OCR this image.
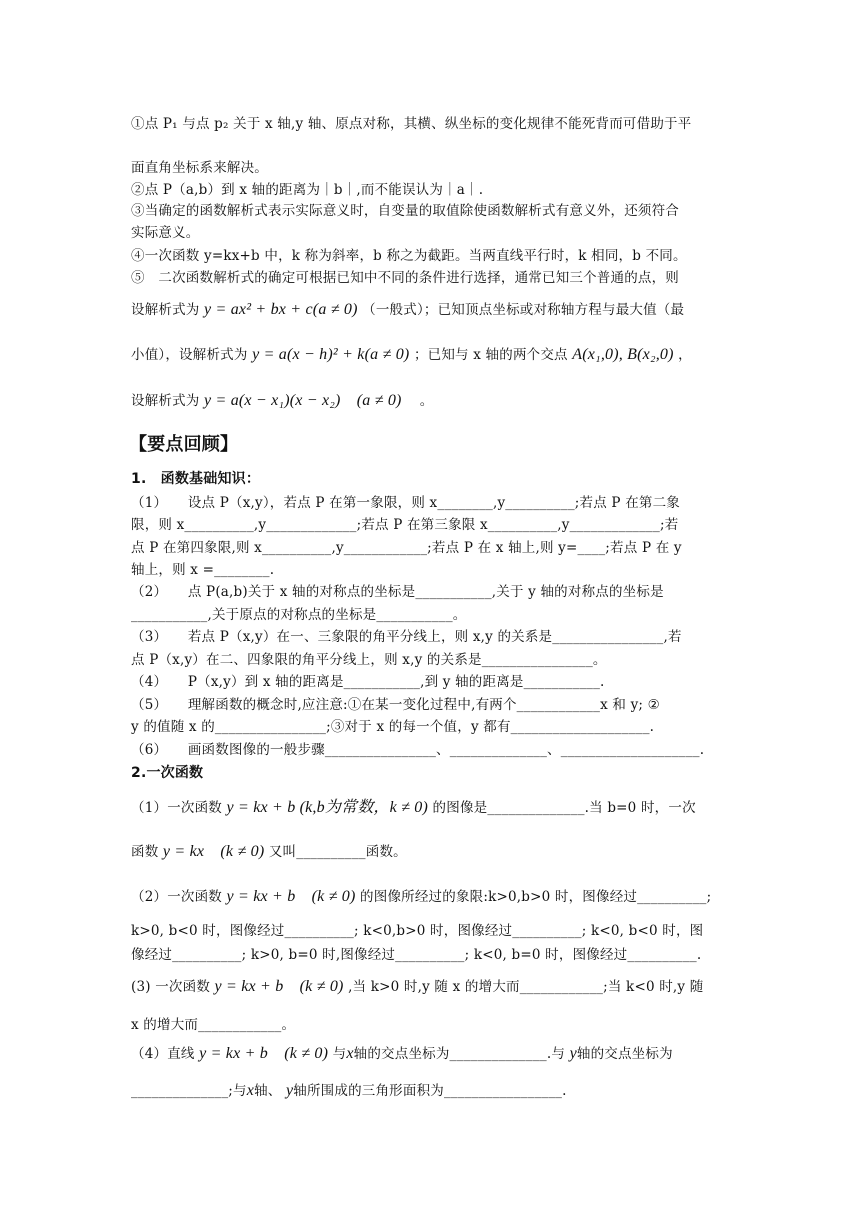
①点 P₁ 与点 p₂ 关于 x 轴,y 轴、原点对称，其横、纵坐标的变化规律不能死背而可借助于平
面直角坐标系来解决。
②点 P（a,b）到 x 轴的距离为｜b｜,而不能误认为｜a｜.
③当确定的函数解析式表示实际意义时，自变量的取值除使函数解析式有意义外，还须符合
实际意义。
④一次函数 y=kx+b 中，k 称为斜率，b 称之为截距。当两直线平行时，k 相同，b 不同。
⑤　二次函数解析式的确定可根据已知中不同的条件进行选择，通常已知三个普通的点，则
设解析式为 y = ax² + bx + c(a ≠ 0) （一般式）；已知顶点坐标或对称轴方程与最大值（最
小值），设解析式为 y = a(x − h)² + k(a ≠ 0) ；已知与 x 轴的两个交点 A(x₁,0), B(x₂,0) ，
设解析式为 y = a(x − x₁)(x − x₂)　(a ≠ 0) 　。
【要点回顾】
1.　函数基础知识：
（1）　　设点 P（x,y），若点 P 在第一象限，则 x________,y__________;若点 P 在第二象
限，则 x__________,y_____________;若点 P 在第三象限 x__________,y_____________;若
点 P 在第四象限,则 x__________,y____________;若点 P 在 x 轴上,则 y=____;若点 P 在 y
轴上，则 x =________.
（2）　　点 P(a,b)关于 x 轴的对称点的坐标是___________,关于 y 轴的对称点的坐标是
___________,关于原点的对称点的坐标是___________。
（3）　　若点 P（x,y）在一、三象限的角平分线上，则 x,y 的关系是________________,若
点 P（x,y）在二、四象限的角平分线上，则 x,y 的关系是________________。
（4）　　P（x,y）到 x 轴的距离是___________,到 y 轴的距离是___________.
（5）　　理解函数的概念时,应注意:①在某一变化过程中,有两个____________x 和 y; ②
y 的值随 x 的________________;③对于 x 的每一个值，y 都有____________________.
（6）　　画函数图像的一般步骤________________、______________、____________________.
2.一次函数
（1）一次函数 y = kx + b (k,b为常数，k ≠ 0) 的图像是______________.当 b=0 时，一次
函数 y = kx　(k ≠ 0) 又叫__________函数。
（2）一次函数 y = kx + b　(k ≠ 0) 的图像所经过的象限:k>0,b>0 时，图像经过__________;
k>0, b<0 时，图像经过__________; k<0,b>0 时，图像经过__________; k<0, b<0 时，图
像经过__________; k>0, b=0 时,图像经过__________; k<0, b=0 时，图像经过__________.
(3) 一次函数 y = kx + b　(k ≠ 0) ,当 k>0 时,y 随 x 的增大而____________;当 k<0 时,y 随
x 的增大而____________。
（4）直线 y = kx + b　(k ≠ 0) 与x轴的交点坐标为______________.与 y轴的交点坐标为
______________;与x轴、 y轴所围成的三角形面积为_________________.
